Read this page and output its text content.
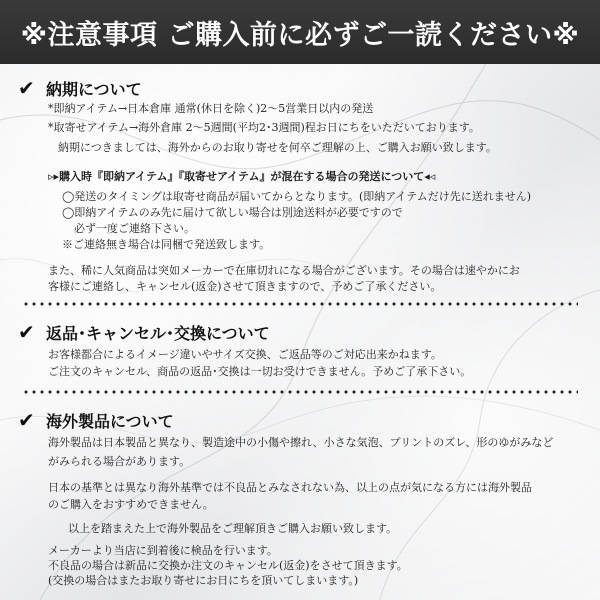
※注意事項 ご購入前に必ずご一読ください※
✔ 納期について
*即納アイテム→日本倉庫 通常(休日を除く)2〜5営業日以内の発送
*取寄せアイテム→海外倉庫 2〜5週間(平均2･3週間)程お日にちをいただいております。
納期につきましては、海外からのお取り寄せを何卒ご理解の上、ご購入お願い致します。
▹▸購入時『即納アイテム』『取寄せアイテム』が混在する場合の発送について◂◃
◯発送のタイミングは取寄せ商品が届いてからとなります。(即納アイテムだけ先に送れません)
◯即納アイテムのみ先に届けて欲しい場合は別途送料が必要ですので
必ず一度ご連絡下さい。
※ご連絡無き場合は同梱で発送致します。
また、稀に人気商品は突如メーカーで在庫切れになる場合がございます。その場合は速やかにお
客様にご連絡し、キャンセル(返金)させて頂きますので、予めご了承ください。
✔ 返品･キャンセル･交換について
お客様都合によるイメージ違いやサイズ交換、ご返品等のご対応出来かねます。
ご注文のキャンセル、商品の返品･交換は一切お受けできません。予めご了承下さい。
✔ 海外製品について
海外製品は日本製品と異なり、製造途中の小傷や擦れ、小さな気泡、プリントのズレ、形のゆがみなど
がみられる場合があります。
日本の基準とは異なり海外基準では不良品とみなされない為、以上の点が気になる方には海外製品
のご購入をおすすめできません。
以上を踏まえた上で海外製品をご理解頂きご購入お願い致します。
メーカーより当店に到着後に検品を行います。
不良品の場合は新品に交換か注文のキャンセル(返金)をさせて頂きます。
(交換の場合はまたお取り寄せにお日にちを頂いてしまいます。)
